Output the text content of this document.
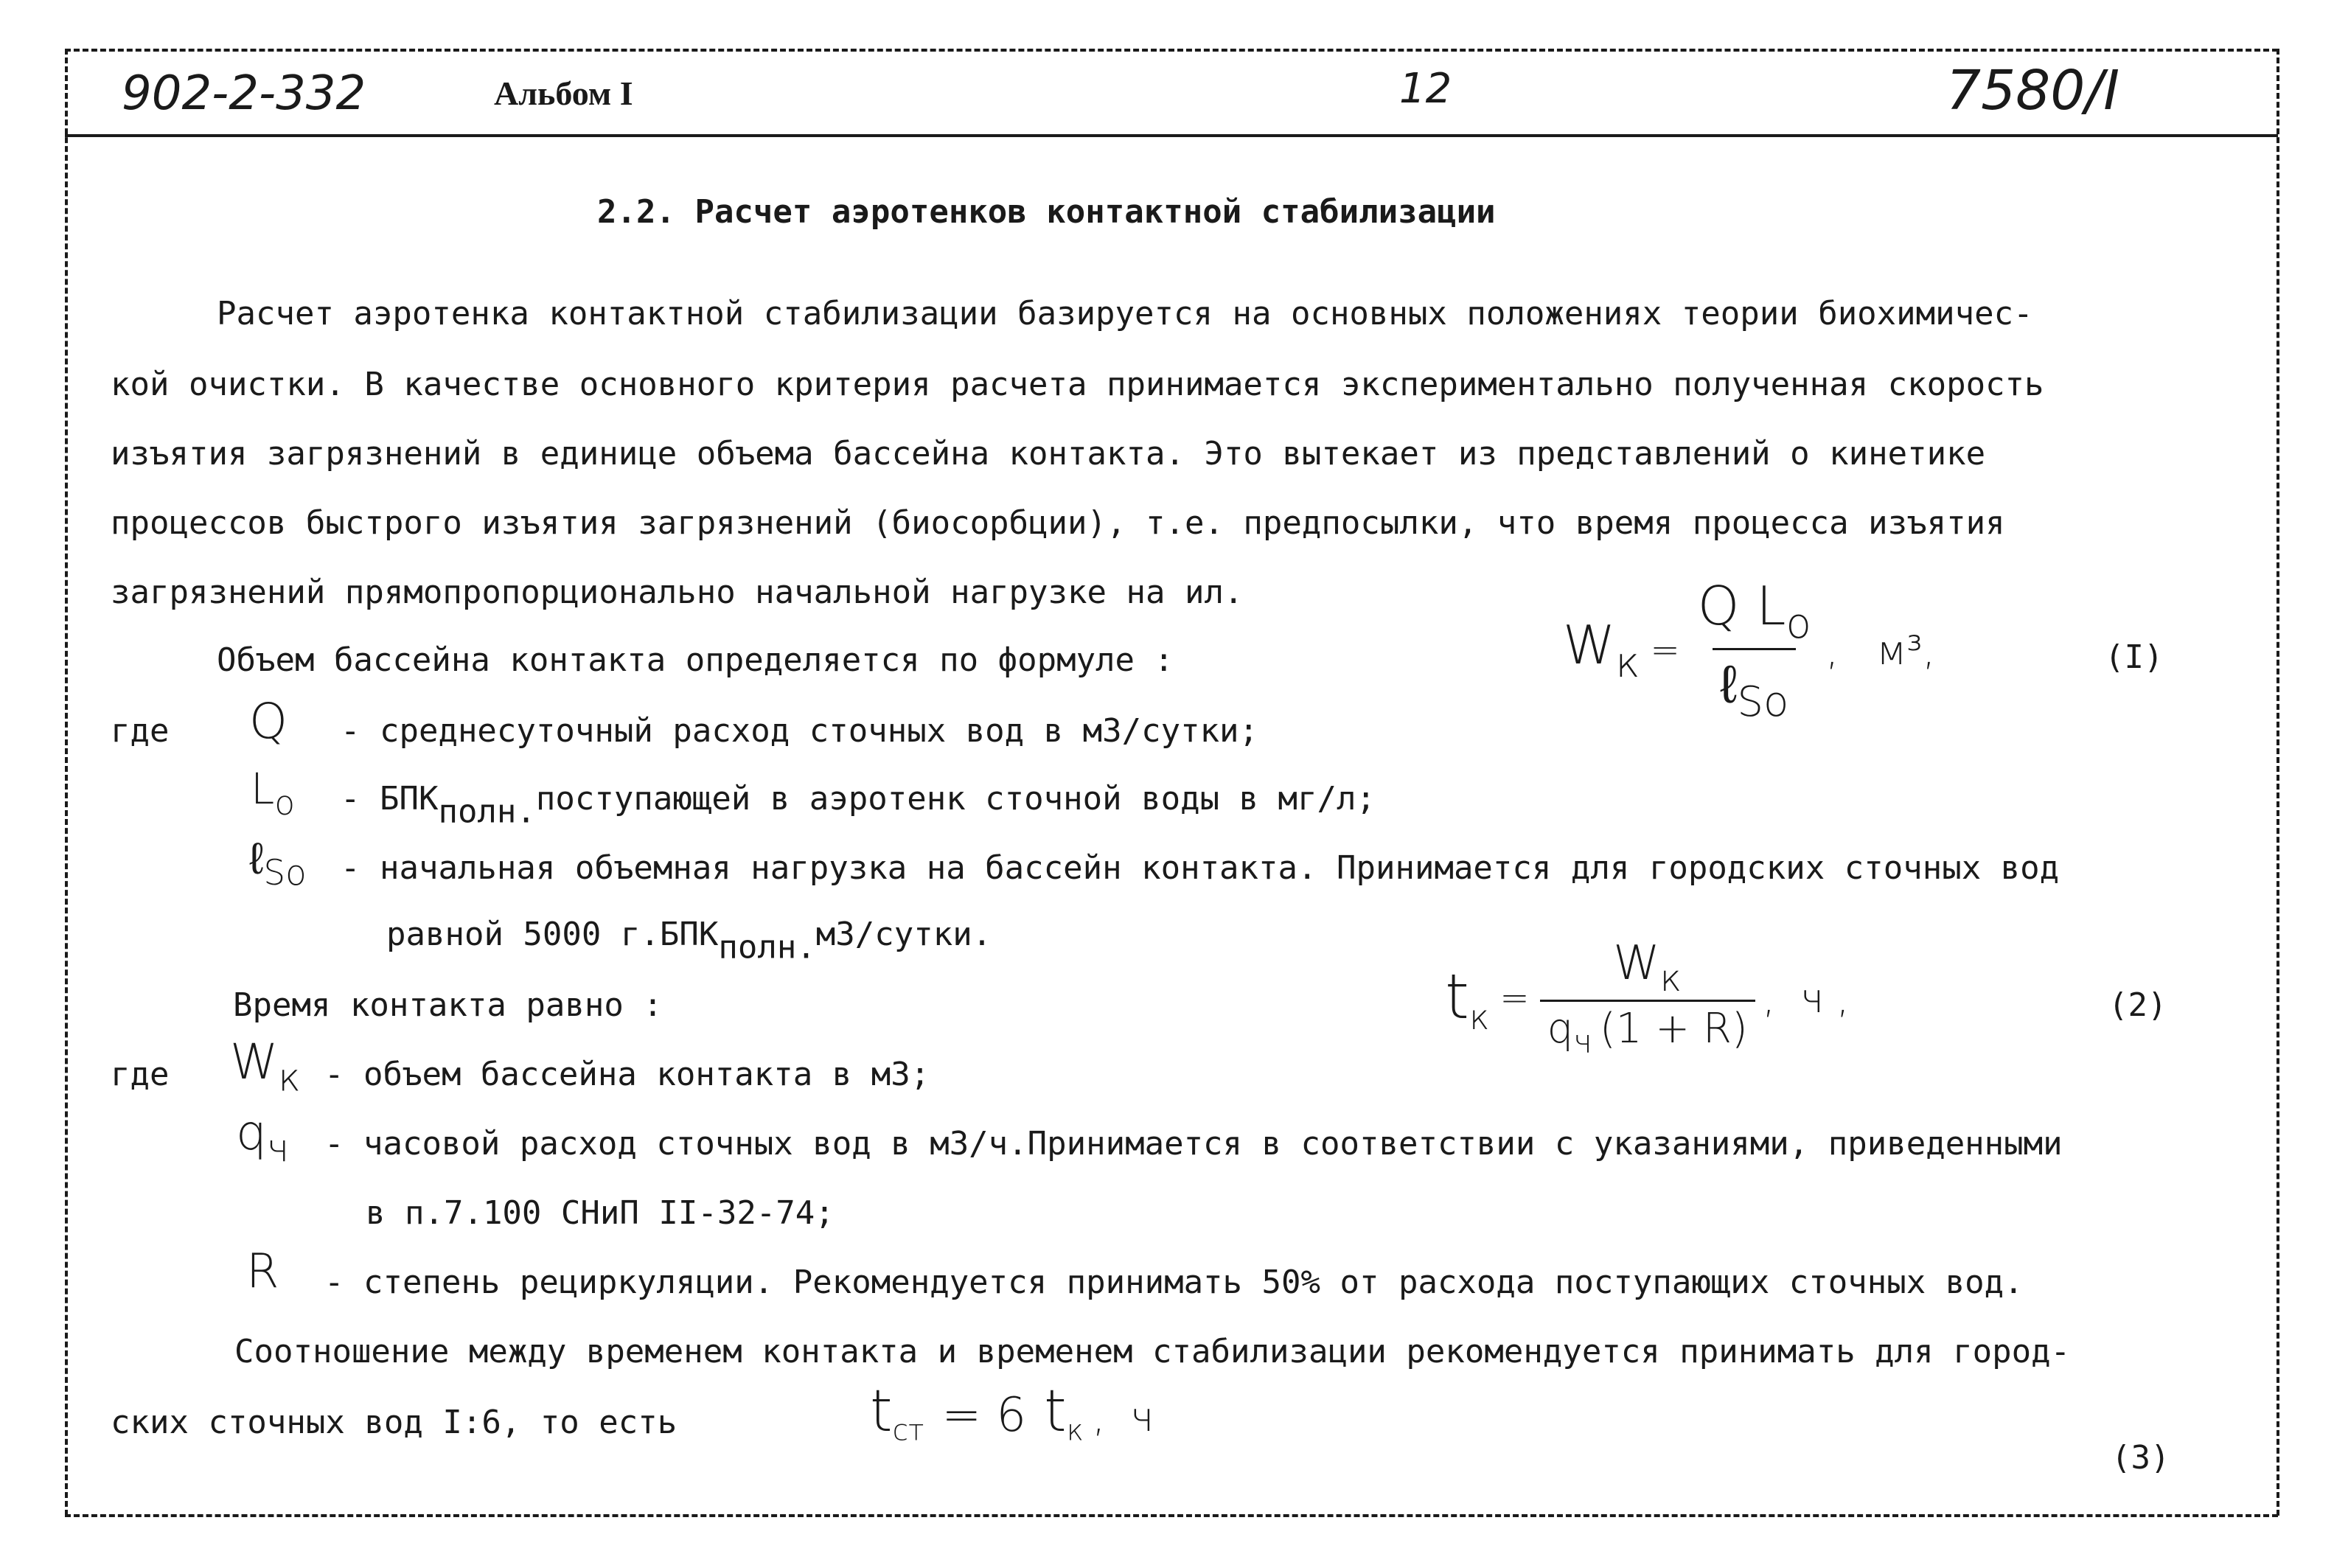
902-2-332	Альбом I	12	7580/I
2.2. Расчет аэротенков контактной стабилизации
Расчет аэротенка контактной стабилизации базируется на основных положениях теории биохимичес-
кой очистки. В качестве основного критерия расчета принимается экспериментально полученная скорость
изъятия загрязнений в единице объема бассейна контакта. Это вытекает из представлений о кинетике
процессов быстрого изъятия загрязнений (биосорбции), т.е. предпосылки, что время процесса изъятия
загрязнений прямопропорционально начальной нагрузке на ил.
Объем бассейна контакта определяется по формуле :	$W_к = \frac{Q L_o}{\ell_{So}}$ ,   м³,	(I)
где Q - среднесуточный расход сточных вод в м3/сутки;
$L_o$ - БПКполн.поступающей в аэротенк сточной воды в мг/л;
ℓ$_{So}$ - начальная объемная нагрузка на бассейн контакта. Принимается для городских сточных вод
равной 5000 г.БПКполн.м3/сутки.
Время контакта равно :	$t_к = \frac{W_к}{q_ч (1 + R)}$ ,  ч ,	(2)
где $W_к$ - объем бассейна контакта в м3;
$q_ч$ - часовой расход сточных вод в м3/ч.Принимается в соответствии с указаниями, приведенными
в п.7.100 СНиП II-32-74;
R - степень рециркуляции. Рекомендуется принимать 50% от расхода поступающих сточных вод.
Соотношение между временем контакта и временем стабилизации рекомендуется принимать для город-
ских сточных вод I:6, то есть	$t_{ст} = 6$ $t_к$ ,  ч
(3)
